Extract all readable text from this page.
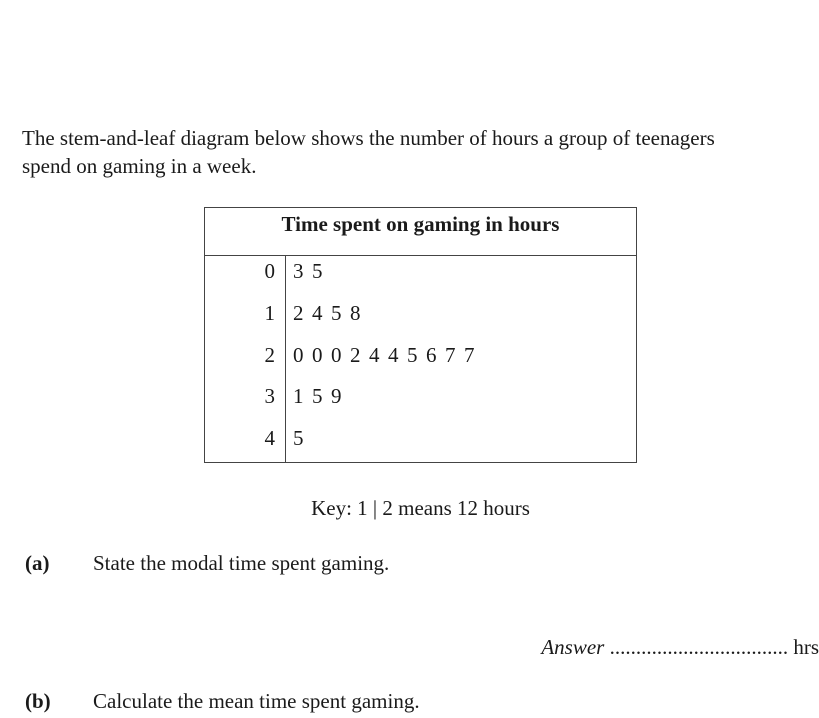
The stem-and-leaf diagram below shows the number of hours a group of teenagers
spend on gaming in a week.
Time spent on gaming in hours
0 3 5
1 2 4 5 8
2 0 0 0 2 4 4 5 6 7 7
3 1 5 9
4 5
Key: 1 | 2 means 12 hours
(a) State the modal time spent gaming.
Answer .................................. hrs
(b) Calculate the mean time spent gaming.
